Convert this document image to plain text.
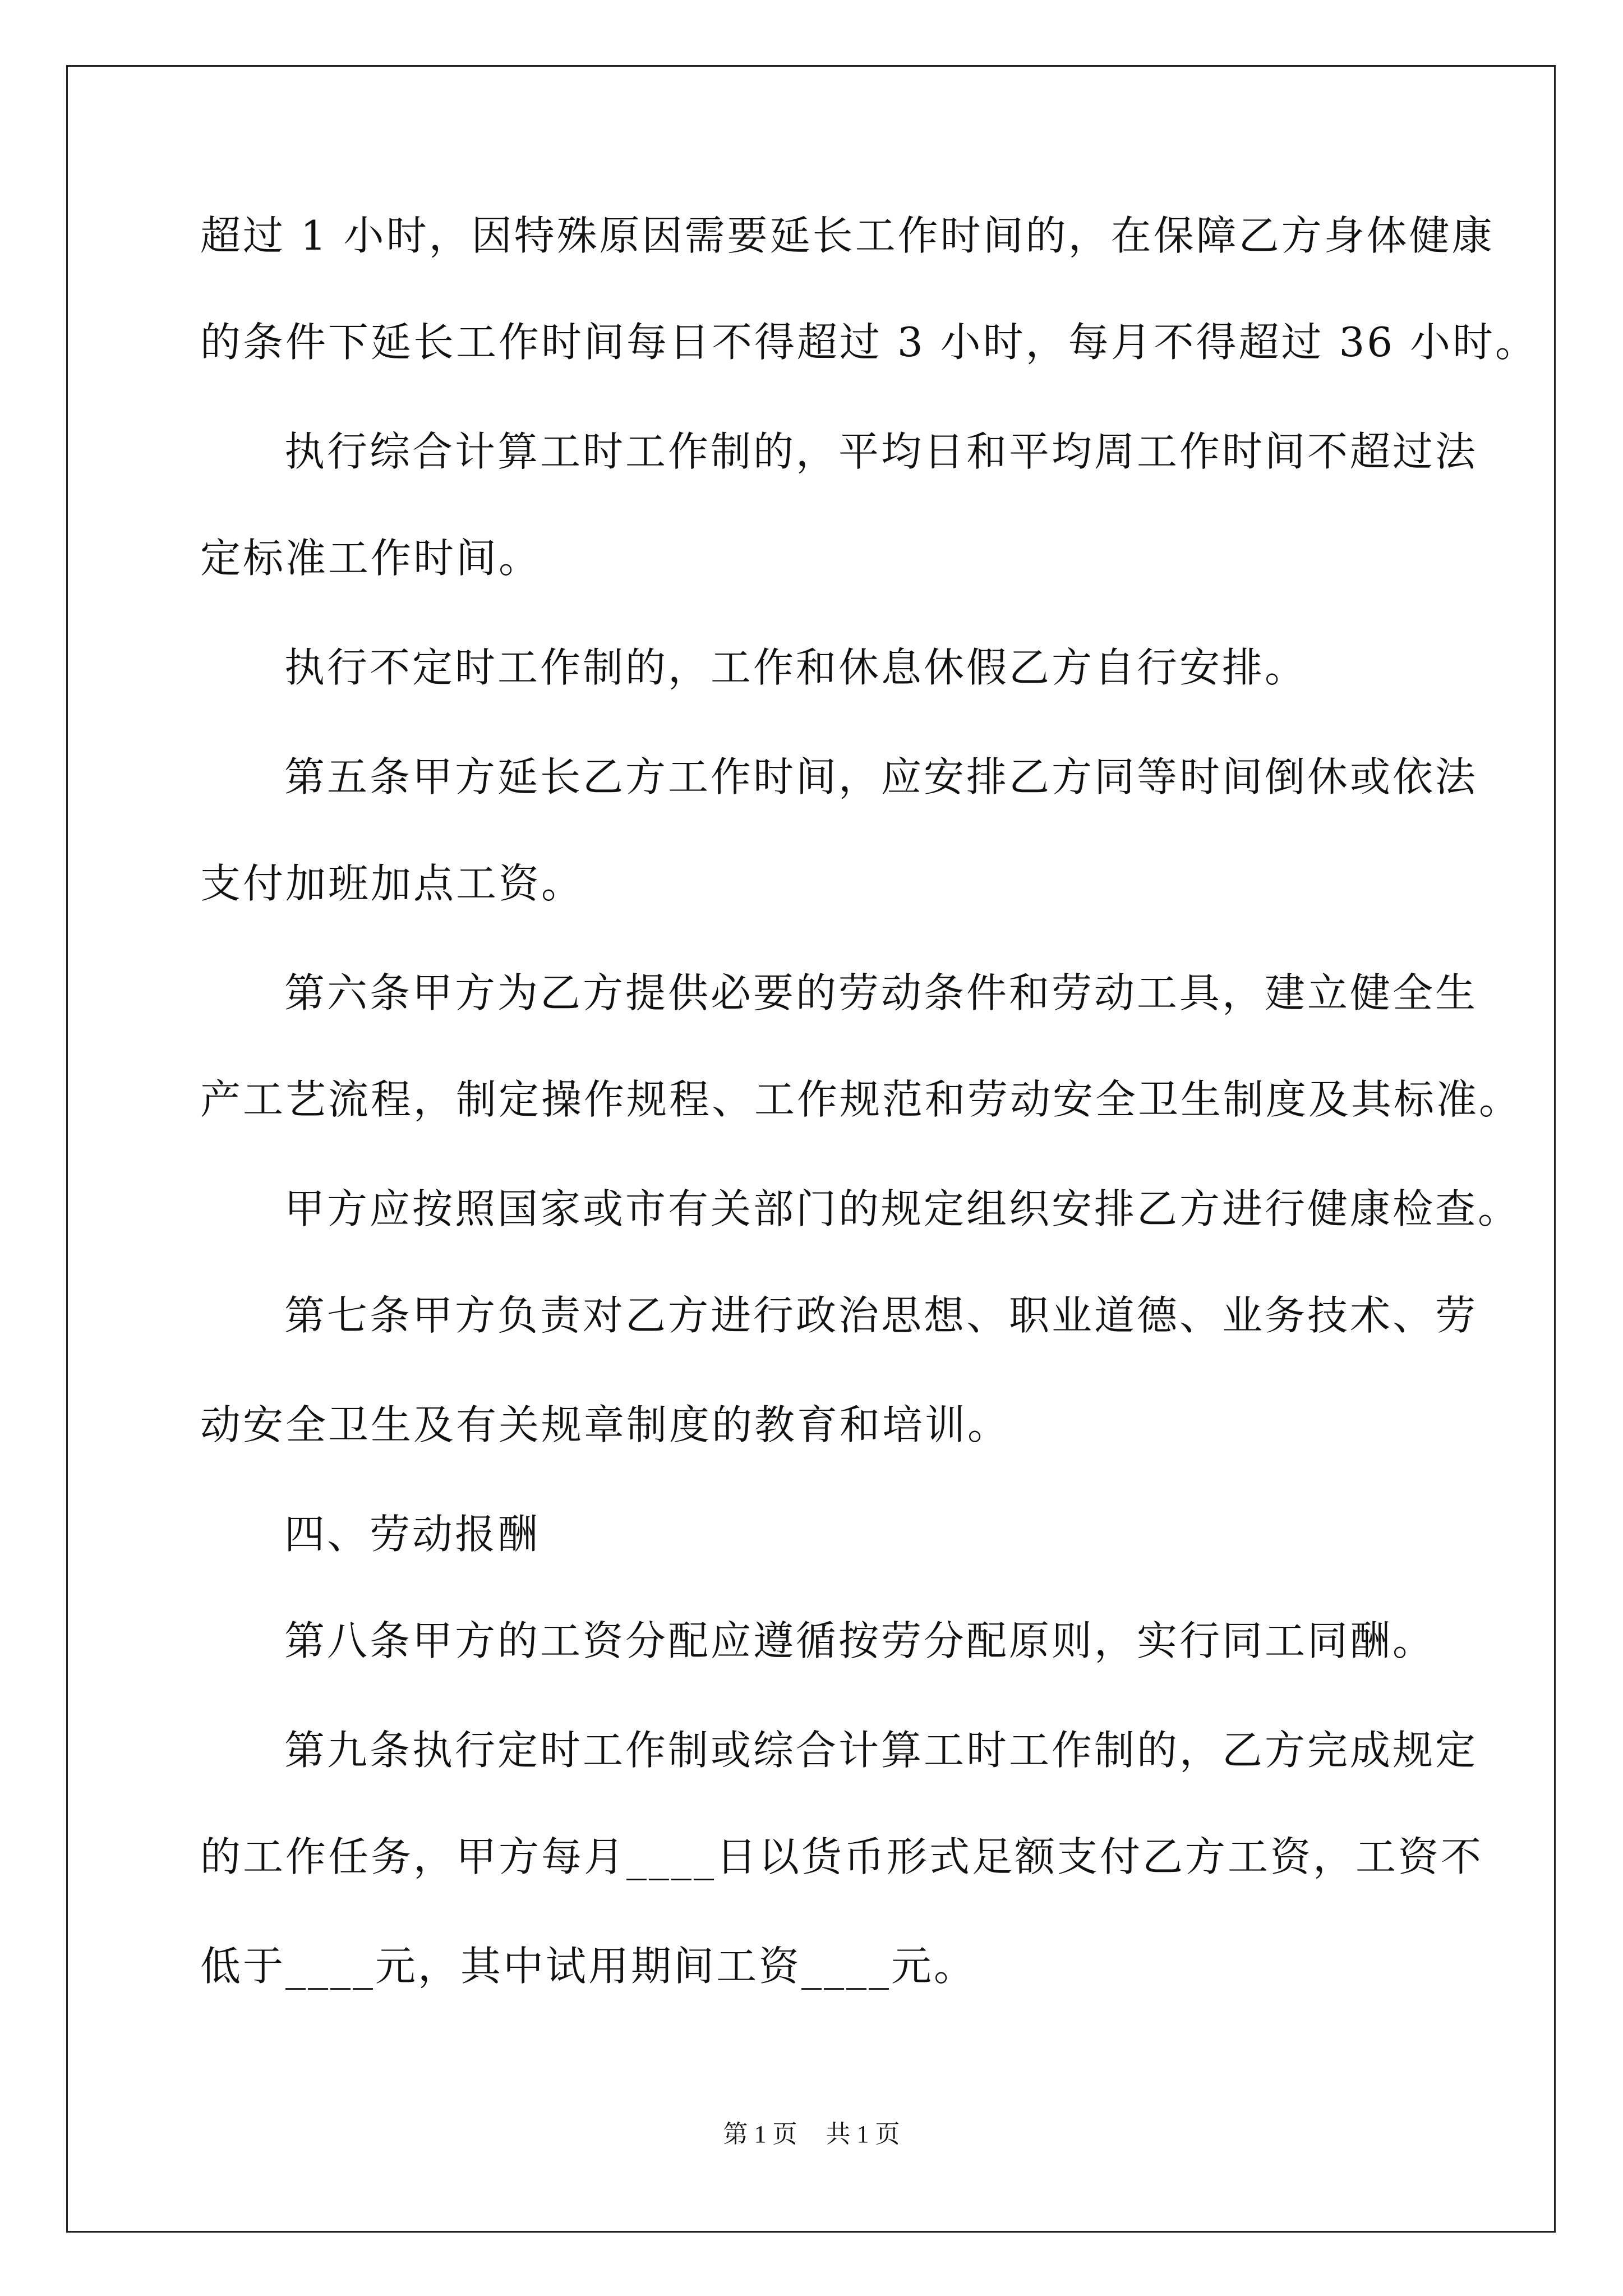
超过 1 小时，因特殊原因需要延长工作时间的，在保障乙方身体健康
的条件下延长工作时间每日不得超过 3 小时，每月不得超过 36 小时。
执行综合计算工时工作制的，平均日和平均周工作时间不超过法
定标准工作时间。
执行不定时工作制的，工作和休息休假乙方自行安排。
第五条甲方延长乙方工作时间，应安排乙方同等时间倒休或依法
支付加班加点工资。
第六条甲方为乙方提供必要的劳动条件和劳动工具，建立健全生
产工艺流程，制定操作规程、工作规范和劳动安全卫生制度及其标准。
甲方应按照国家或市有关部门的规定组织安排乙方进行健康检查。
第七条甲方负责对乙方进行政治思想、职业道德、业务技术、劳
动安全卫生及有关规章制度的教育和培训。
四、劳动报酬
第八条甲方的工资分配应遵循按劳分配原则，实行同工同酬。
第九条执行定时工作制或综合计算工时工作制的，乙方完成规定
的工作任务，甲方每月____日以货币形式足额支付乙方工资，工资不
低于____元，其中试用期间工资____元。
第 1 页 共 1 页
